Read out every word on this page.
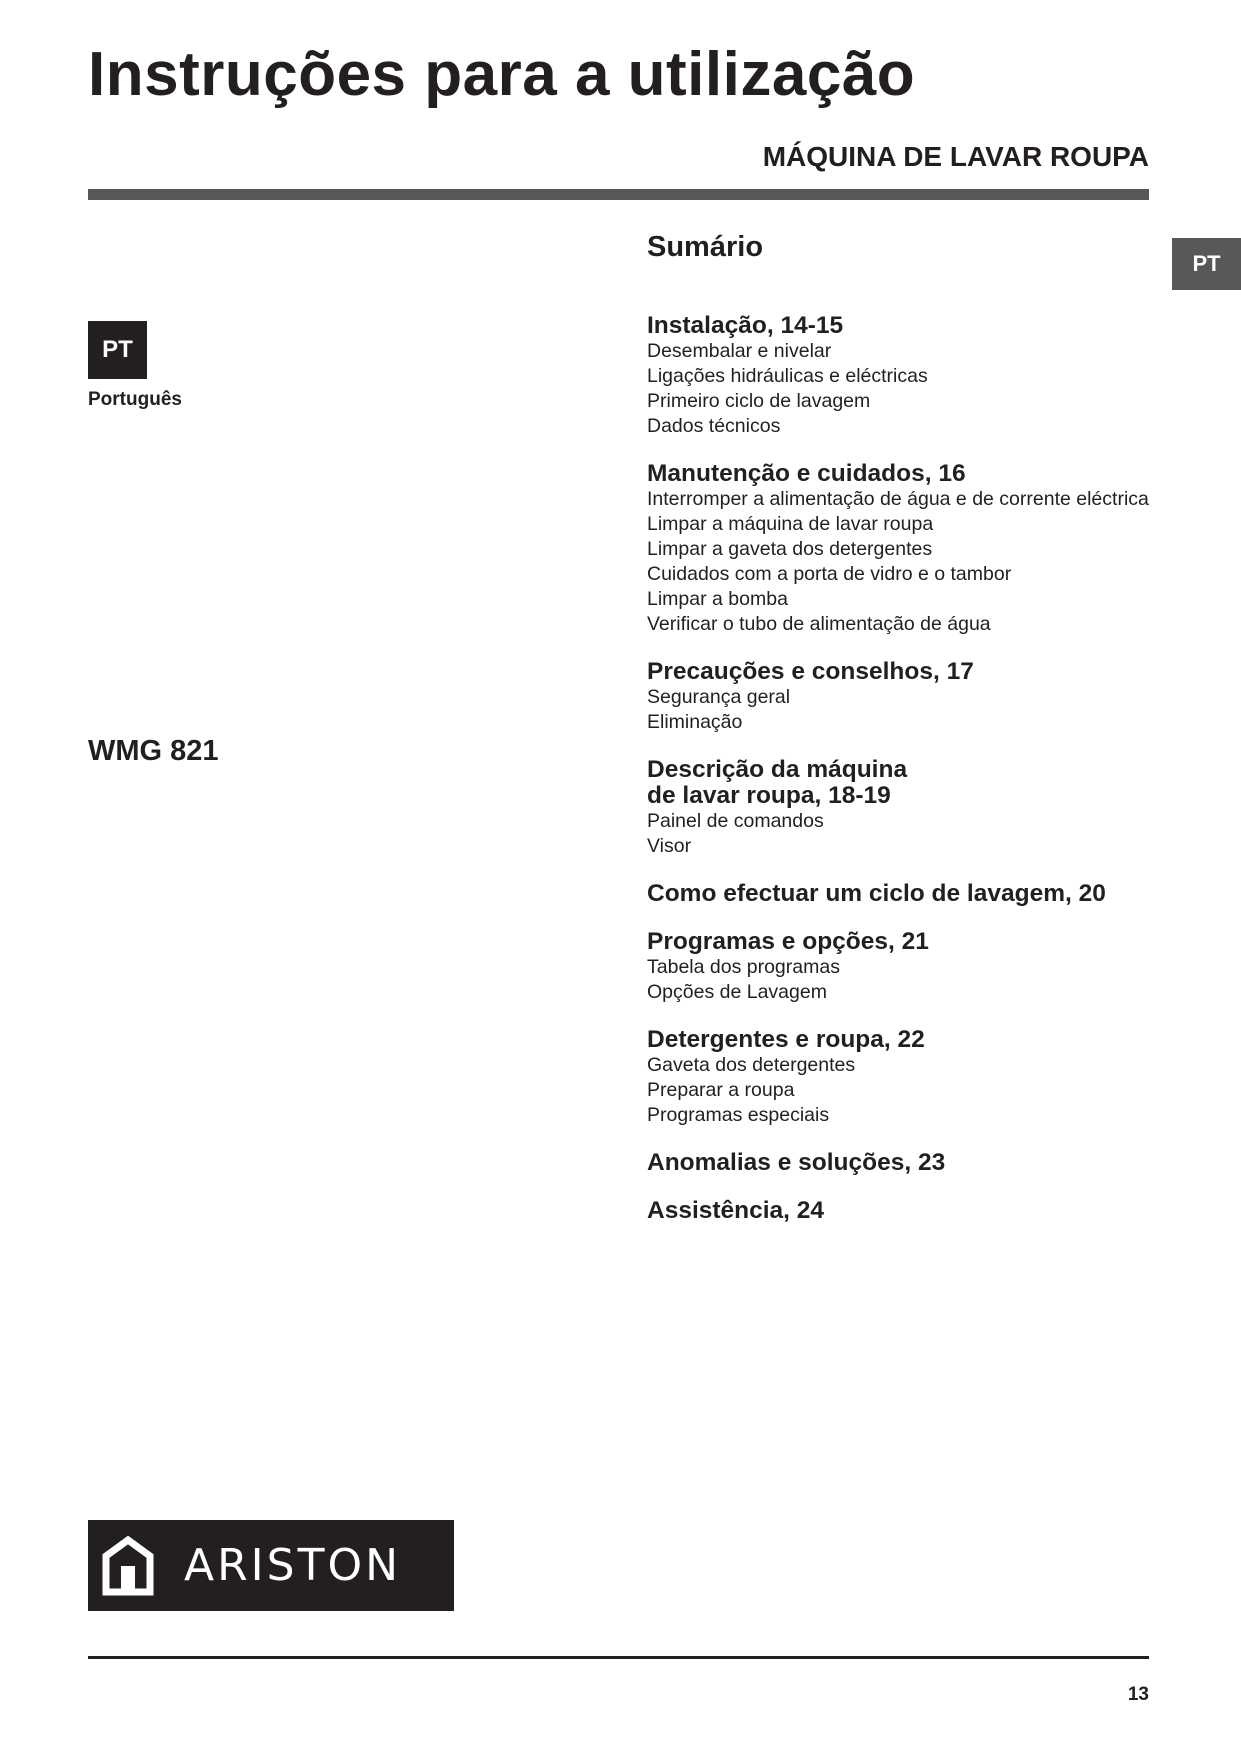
Instruções para a utilização
MÁQUINA DE LAVAR ROUPA
PT
PT
Português
WMG 821
Sumário
Instalação, 14-15
Desembalar e nivelar
Ligações hidráulicas e eléctricas
Primeiro ciclo de lavagem
Dados técnicos
Manutenção e cuidados, 16
Interromper a alimentação de água e de corrente eléctrica
Limpar a máquina de lavar roupa
Limpar a gaveta dos detergentes
Cuidados com a porta de vidro e o tambor
Limpar a bomba
Verificar o tubo de alimentação de água
Precauções e conselhos, 17
Segurança geral
Eliminação
Descrição da máquina
de lavar roupa, 18-19
Painel de comandos
Visor
Como efectuar um ciclo de lavagem, 20
Programas e opções, 21
Tabela dos programas
Opções de Lavagem
Detergentes e roupa, 22
Gaveta dos detergentes
Preparar a roupa
Programas especiais
Anomalias e soluções, 23
Assistência, 24
ARISTON
13
